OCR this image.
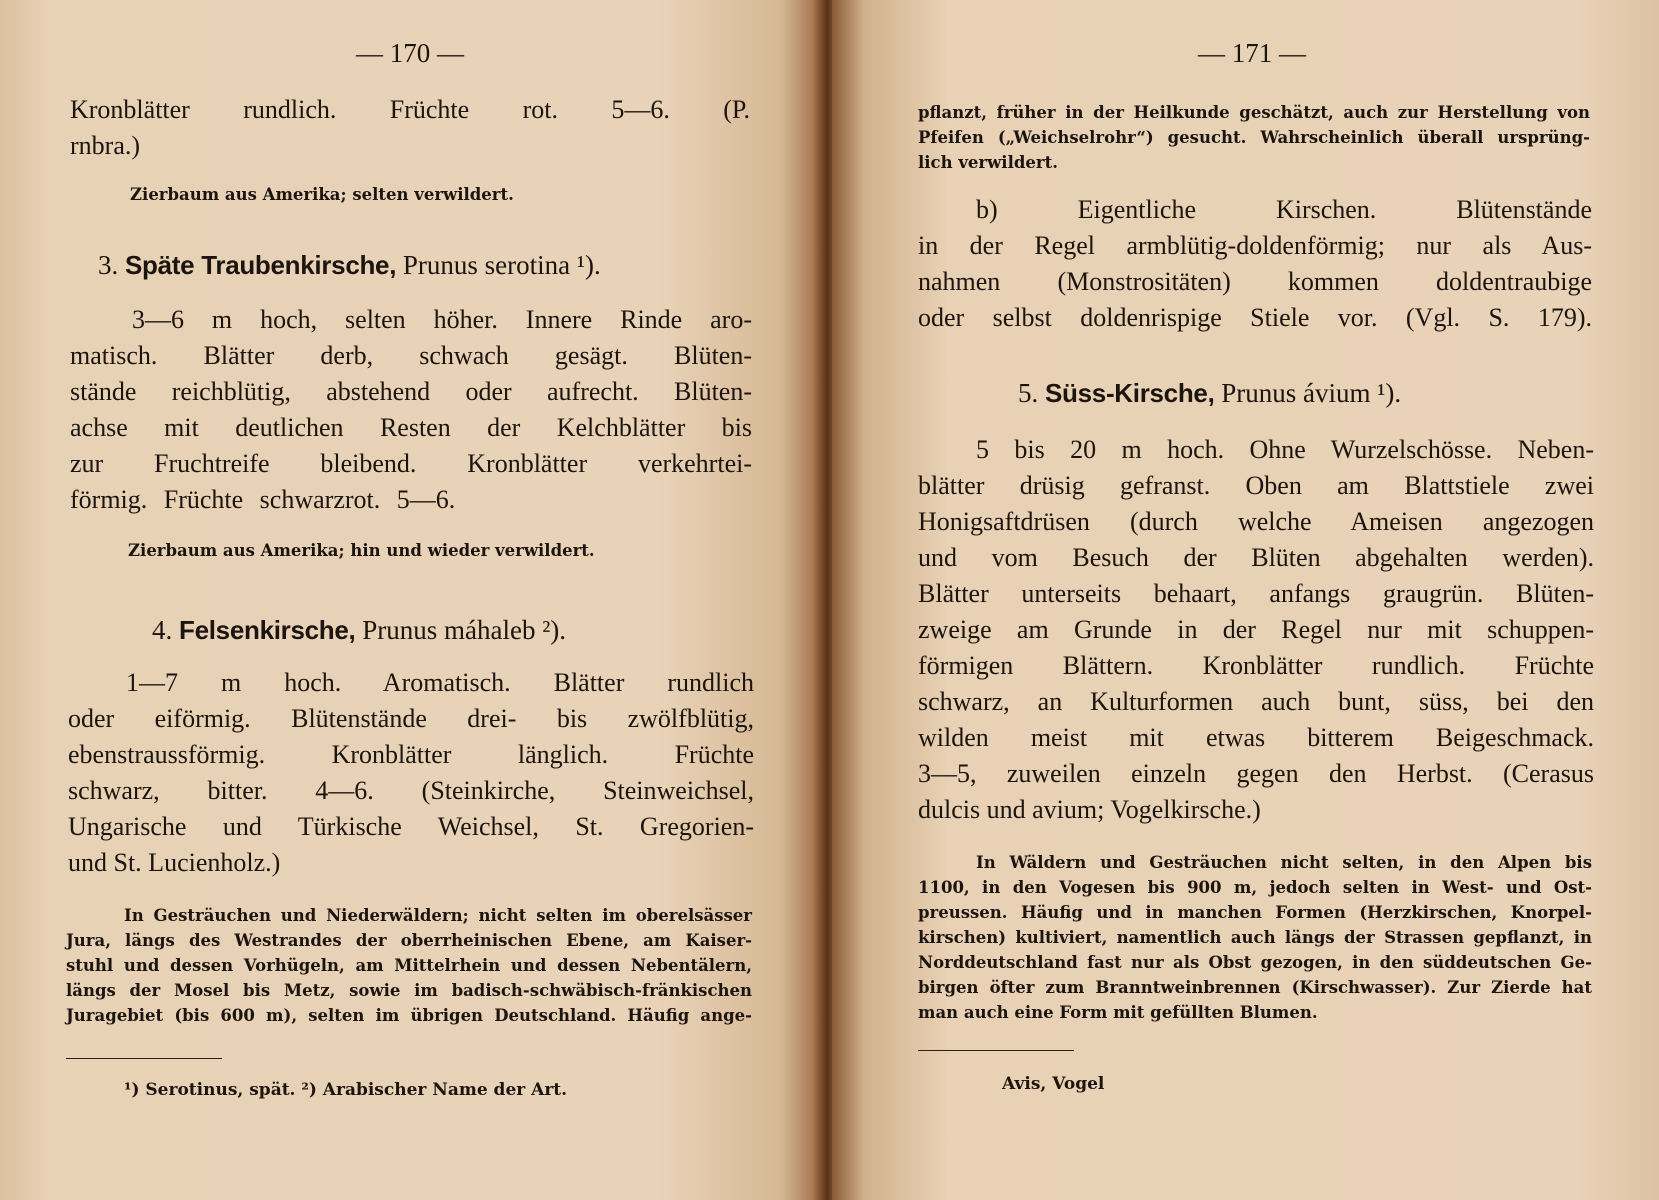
— 170 —
Kronblätter rundlich. Früchte rot. 5—6. (P.
rnbra.)
Zierbaum aus Amerika; selten verwildert.
3. Späte Traubenkirsche, Prunus serotina ¹).
3—6 m hoch, selten höher. Innere Rinde aro-
matisch. Blätter derb, schwach gesägt. Blüten-
stände reichblütig, abstehend oder aufrecht. Blüten-
achse mit deutlichen Resten der Kelchblätter bis
zur Fruchtreife bleibend. Kronblätter verkehrtei-
förmig. Früchte schwarzrot. 5—6.
Zierbaum aus Amerika; hin und wieder verwildert.
4. Felsenkirsche, Prunus máhaleb ²).
1—7 m hoch. Aromatisch. Blätter rundlich
oder eiförmig. Blütenstände drei- bis zwölfblütig,
ebenstraussförmig. Kronblätter länglich. Früchte
schwarz, bitter. 4—6. (Steinkirche, Steinweichsel,
Ungarische und Türkische Weichsel, St. Gregorien-
und St. Lucienholz.)
In Gesträuchen und Niederwäldern; nicht selten im oberelsässer
Jura, längs des Westrandes der oberrheinischen Ebene, am Kaiser-
stuhl und dessen Vorhügeln, am Mittelrhein und dessen Nebentälern,
längs der Mosel bis Metz, sowie im badisch-schwäbisch-fränkischen
Juragebiet (bis 600 m), selten im übrigen Deutschland. Häufig ange-
¹) Serotinus, spät. ²) Arabischer Name der Art.
— 171 —
pflanzt, früher in der Heilkunde geschätzt, auch zur Herstellung von
Pfeifen („Weichselrohr“) gesucht. Wahrscheinlich überall ursprüng-
lich verwildert.
b) Eigentliche Kirschen. Blütenstände
in der Regel armblütig-doldenförmig; nur als Aus-
nahmen (Monstrositäten) kommen doldentraubige
oder selbst doldenrispige Stiele vor. (Vgl. S. 179).
5. Süss-Kirsche, Prunus ávium ¹).
5 bis 20 m hoch. Ohne Wurzelschösse. Neben-
blätter drüsig gefranst. Oben am Blattstiele zwei
Honigsaftdrüsen (durch welche Ameisen angezogen
und vom Besuch der Blüten abgehalten werden).
Blätter unterseits behaart, anfangs graugrün. Blüten-
zweige am Grunde in der Regel nur mit schuppen-
förmigen Blättern. Kronblätter rundlich. Früchte
schwarz, an Kulturformen auch bunt, süss, bei den
wilden meist mit etwas bitterem Beigeschmack.
3—5, zuweilen einzeln gegen den Herbst. (Cerasus
dulcis und avium; Vogelkirsche.)
In Wäldern und Gesträuchen nicht selten, in den Alpen bis
1100, in den Vogesen bis 900 m, jedoch selten in West- und Ost-
preussen. Häufig und in manchen Formen (Herzkirschen, Knorpel-
kirschen) kultiviert, namentlich auch längs der Strassen gepflanzt, in
Norddeutschland fast nur als Obst gezogen, in den süddeutschen Ge-
birgen öfter zum Branntweinbrennen (Kirschwasser). Zur Zierde hat
man auch eine Form mit gefüllten Blumen.
Avis, Vogel
